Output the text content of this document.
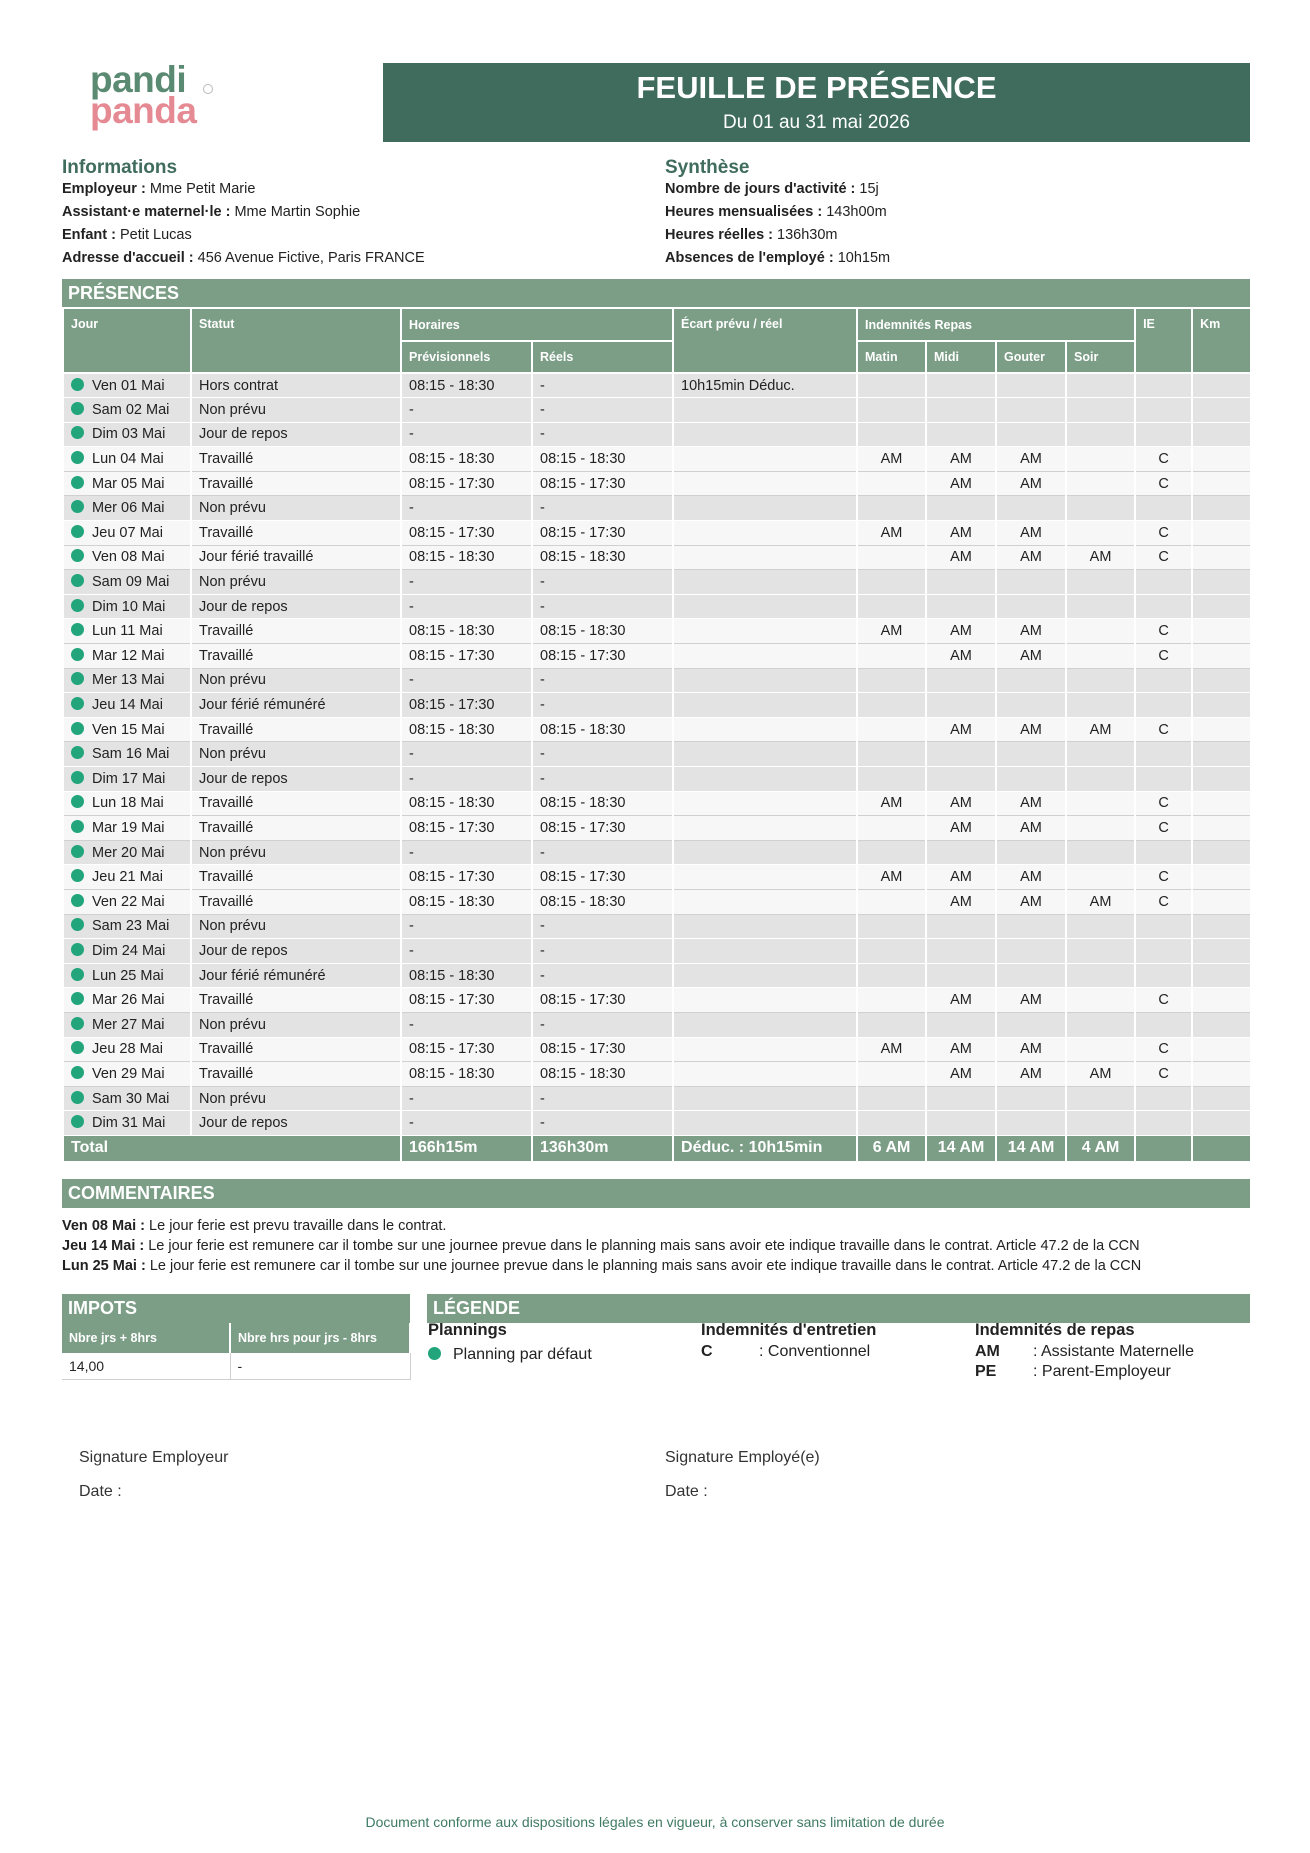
pandi
panda
FEUILLE DE PRÉSENCE
Du 01 au 31 mai 2026
Informations
Employeur : Mme Petit Marie
Assistant·e maternel·le : Mme Martin Sophie
Enfant : Petit Lucas
Adresse d'accueil : 456 Avenue Fictive, Paris FRANCE
Synthèse
Nombre de jours d'activité : 15j
Heures mensualisées : 143h00m
Heures réelles : 136h30m
Absences de l'employé : 10h15m
PRÉSENCES
Jour	Statut	Horaires		Écart prévu / réel	Indemnités Repas				IE	Km
		Prévisionnels	Réels		Matin	Midi	Gouter	Soir		
Ven 01 Mai	Hors contrat	08:15 - 18:30	-	10h15min Déduc.						
Sam 02 Mai	Non prévu	-	-							
Dim 03 Mai	Jour de repos	-	-							
Lun 04 Mai	Travaillé	08:15 - 18:30	08:15 - 18:30		AM	AM	AM		C	
Mar 05 Mai	Travaillé	08:15 - 17:30	08:15 - 17:30			AM	AM		C	
Mer 06 Mai	Non prévu	-	-							
Jeu 07 Mai	Travaillé	08:15 - 17:30	08:15 - 17:30		AM	AM	AM		C	
Ven 08 Mai	Jour férié travaillé	08:15 - 18:30	08:15 - 18:30			AM	AM	AM	C	
Sam 09 Mai	Non prévu	-	-							
Dim 10 Mai	Jour de repos	-	-							
Lun 11 Mai	Travaillé	08:15 - 18:30	08:15 - 18:30		AM	AM	AM		C	
Mar 12 Mai	Travaillé	08:15 - 17:30	08:15 - 17:30			AM	AM		C	
Mer 13 Mai	Non prévu	-	-							
Jeu 14 Mai	Jour férié rémunéré	08:15 - 17:30	-							
Ven 15 Mai	Travaillé	08:15 - 18:30	08:15 - 18:30			AM	AM	AM	C	
Sam 16 Mai	Non prévu	-	-							
Dim 17 Mai	Jour de repos	-	-							
Lun 18 Mai	Travaillé	08:15 - 18:30	08:15 - 18:30		AM	AM	AM		C	
Mar 19 Mai	Travaillé	08:15 - 17:30	08:15 - 17:30			AM	AM		C	
Mer 20 Mai	Non prévu	-	-							
Jeu 21 Mai	Travaillé	08:15 - 17:30	08:15 - 17:30		AM	AM	AM		C	
Ven 22 Mai	Travaillé	08:15 - 18:30	08:15 - 18:30			AM	AM	AM	C	
Sam 23 Mai	Non prévu	-	-							
Dim 24 Mai	Jour de repos	-	-							
Lun 25 Mai	Jour férié rémunéré	08:15 - 18:30	-							
Mar 26 Mai	Travaillé	08:15 - 17:30	08:15 - 17:30			AM	AM		C	
Mer 27 Mai	Non prévu	-	-							
Jeu 28 Mai	Travaillé	08:15 - 17:30	08:15 - 17:30		AM	AM	AM		C	
Ven 29 Mai	Travaillé	08:15 - 18:30	08:15 - 18:30			AM	AM	AM	C	
Sam 30 Mai	Non prévu	-	-							
Dim 31 Mai	Jour de repos	-	-							
Total		166h15m	136h30m	Déduc. : 10h15min	6 AM	14 AM	14 AM	4 AM		
COMMENTAIRES
Ven 08 Mai : Le jour ferie est prevu travaille dans le contrat.
Jeu 14 Mai : Le jour ferie est remunere car il tombe sur une journee prevue dans le planning mais sans avoir ete indique travaille dans le contrat. Article 47.2 de la CCN
Lun 25 Mai : Le jour ferie est remunere car il tombe sur une journee prevue dans le planning mais sans avoir ete indique travaille dans le contrat. Article 47.2 de la CCN
IMPOTS
Nbre jrs + 8hrs	Nbre hrs pour jrs - 8hrs
14,00	-
LÉGENDE
Plannings
Planning par défaut
Indemnités d'entretien
C	: Conventionnel
Indemnités de repas
AM : Assistante Maternelle
PE : Parent-Employeur
Signature Employeur
Date :
Signature Employé(e)
Date :
Document conforme aux dispositions légales en vigueur, à conserver sans limitation de durée
